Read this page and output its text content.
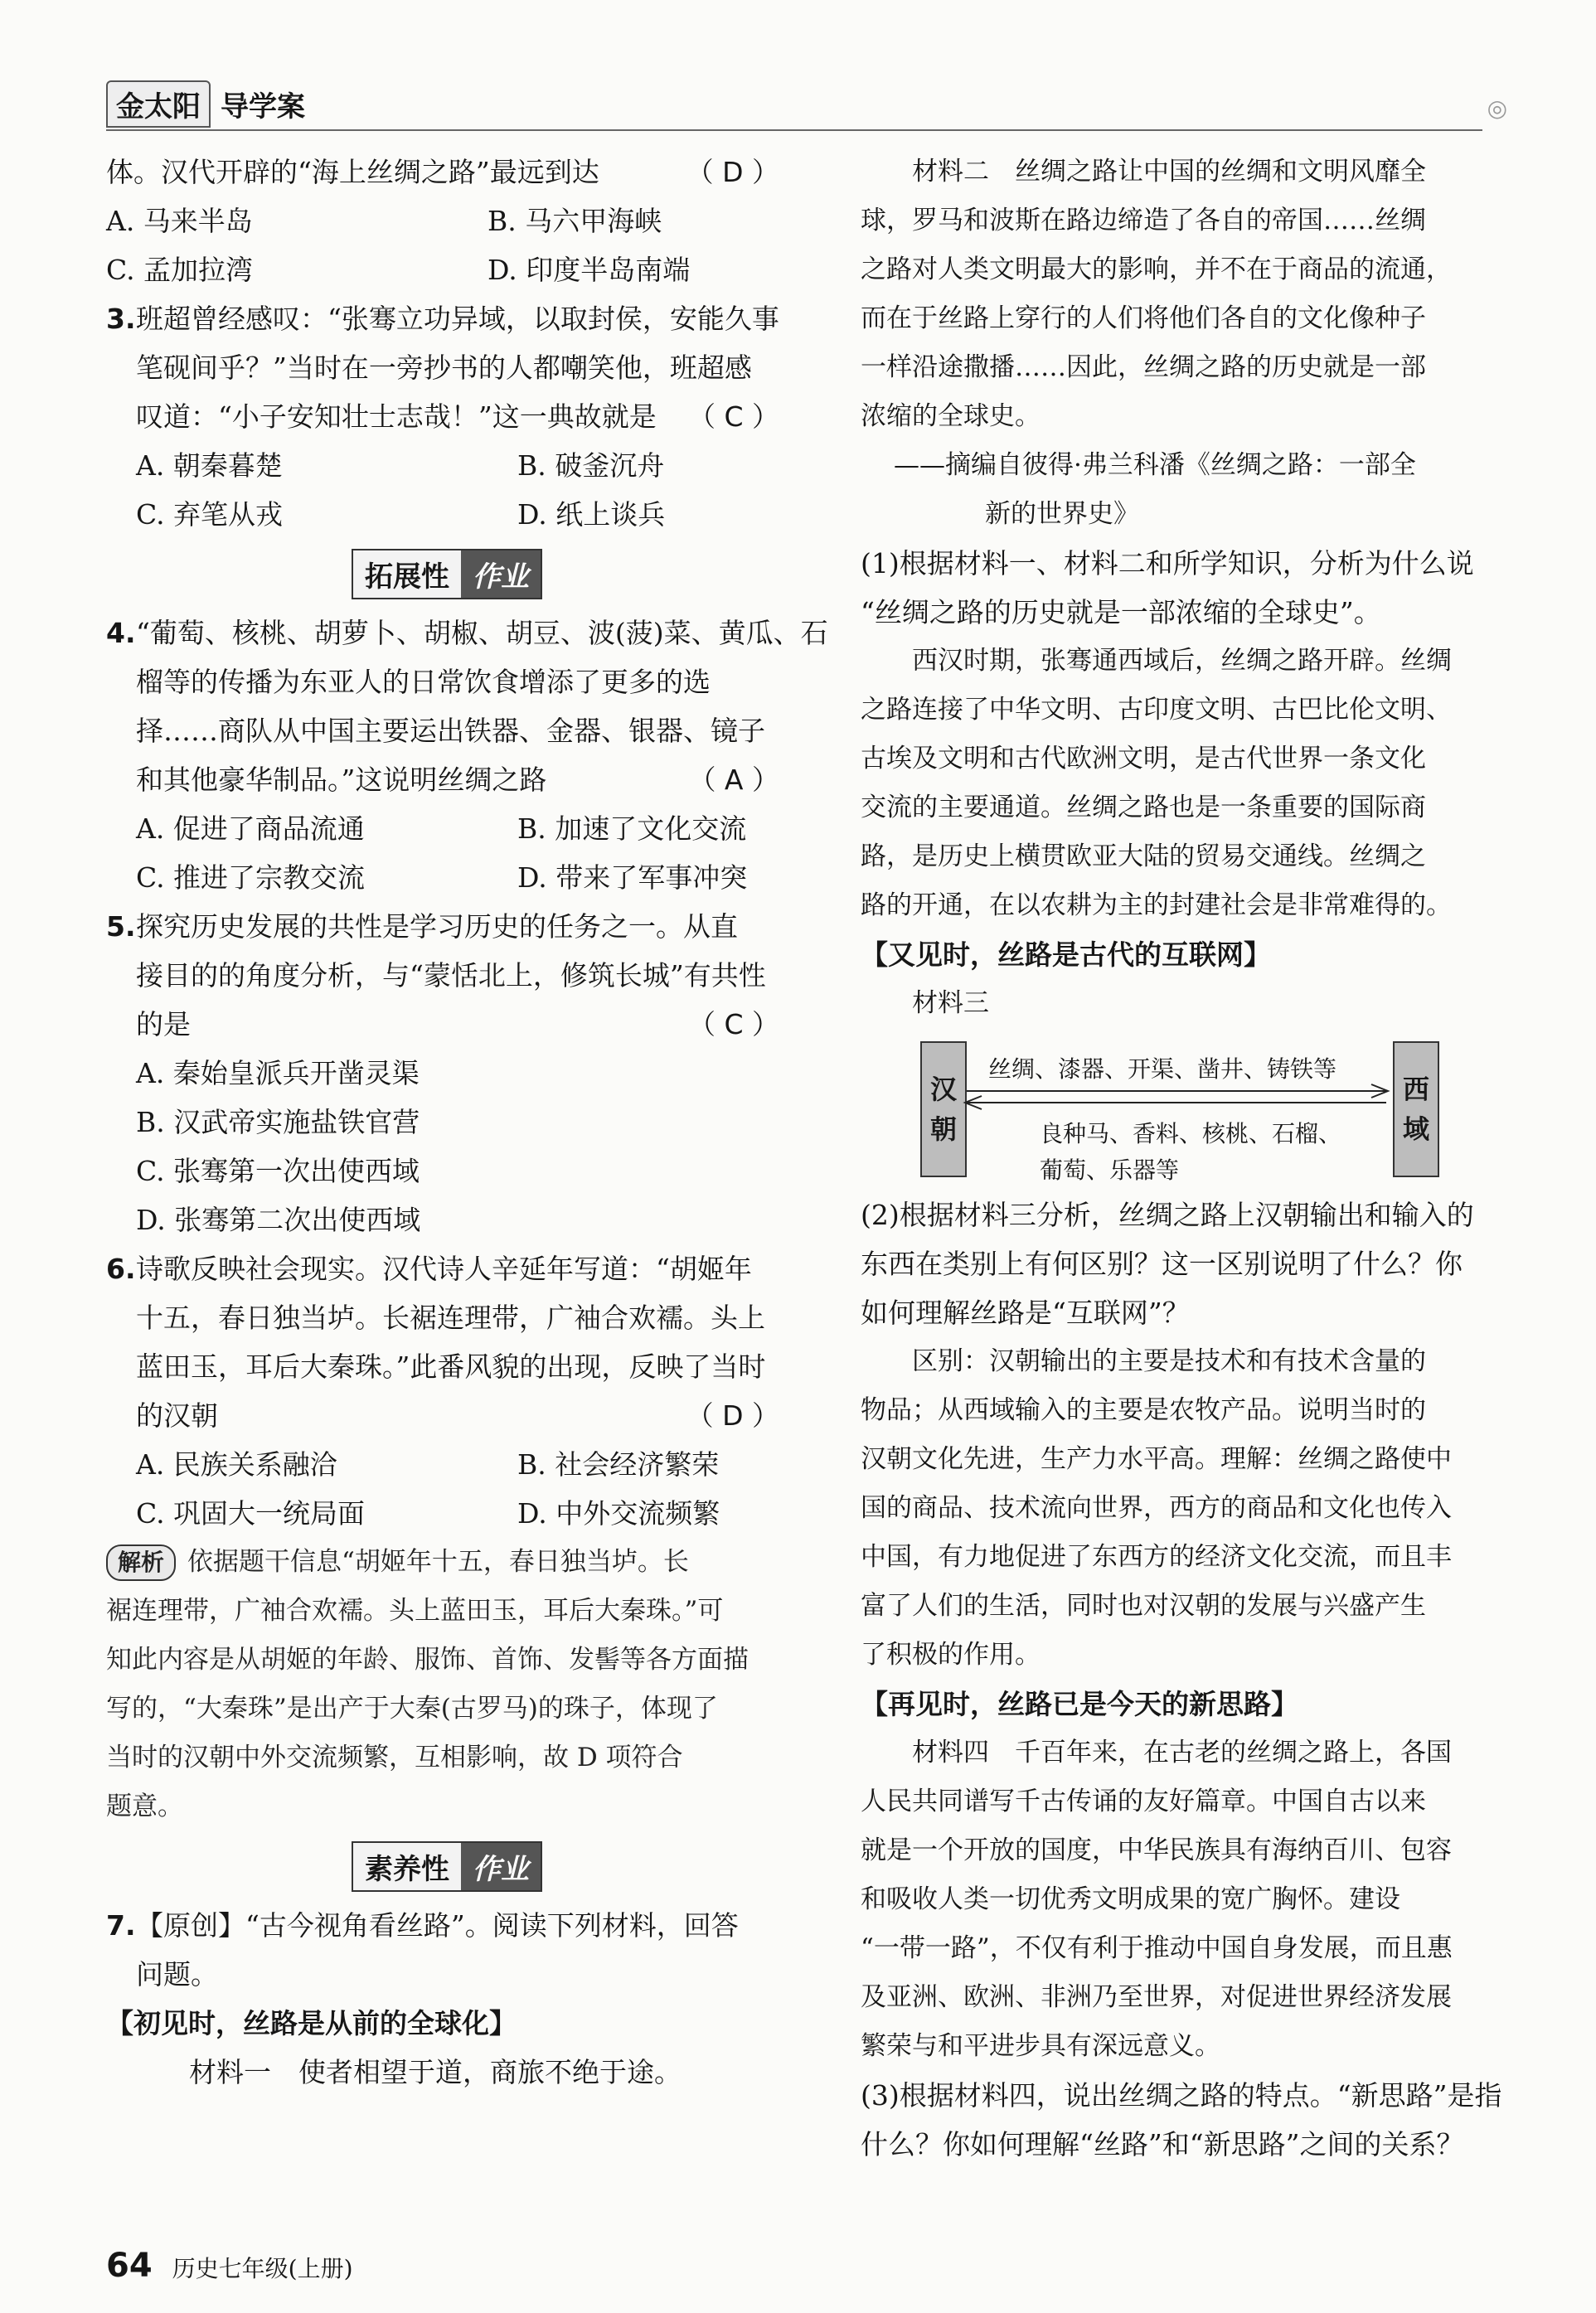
金太阳 导学案	◎
体。汉代开辟的“海上丝绸之路”最远到达	（ D ）
A. 马来半岛	B. 马六甲海峡
C. 孟加拉湾	D. 印度半岛南端
3. 班超曾经感叹：“张骞立功异域，以取封侯，安能久事
笔砚间乎？”当时在一旁抄书的人都嘲笑他，班超感
叹道：“小子安知壮士志哉！”这一典故就是 （ C ）
A. 朝秦暮楚	B. 破釜沉舟
C. 弃笔从戎	D. 纸上谈兵
拓展性 作业
4. “葡萄、核桃、胡萝卜、胡椒、胡豆、波(菠)菜、黄瓜、石
榴等的传播为东亚人的日常饮食增添了更多的选
择……商队从中国主要运出铁器、金器、银器、镜子
和其他豪华制品。”这说明丝绸之路	（ A ）
A. 促进了商品流通	B. 加速了文化交流
C. 推进了宗教交流	D. 带来了军事冲突
5. 探究历史发展的共性是学习历史的任务之一。从直
接目的的角度分析，与“蒙恬北上，修筑长城”有共性
的是	（ C ）
A. 秦始皇派兵开凿灵渠
B. 汉武帝实施盐铁官营
C. 张骞第一次出使西域
D. 张骞第二次出使西域
6. 诗歌反映社会现实。汉代诗人辛延年写道：“胡姬年
十五，春日独当垆。长裾连理带，广袖合欢襦。头上
蓝田玉，耳后大秦珠。”此番风貌的出现，反映了当时
的汉朝	（ D ）
A. 民族关系融洽	B. 社会经济繁荣
C. 巩固大一统局面	D. 中外交流频繁
解析 依据题干信息“胡姬年十五，春日独当垆。长
裾连理带，广袖合欢襦。头上蓝田玉，耳后大秦珠。”可
知此内容是从胡姬的年龄、服饰、首饰、发髻等各方面描
写的，“大秦珠”是出产于大秦(古罗马)的珠子，体现了
当时的汉朝中外交流频繁，互相影响，故 D 项符合
题意。
素养性 作业
7. 【原创】“古今视角看丝路”。阅读下列材料，回答
问题。
【初见时，丝路是从前的全球化】
材料一　使者相望于道，商旅不绝于途。
材料二　丝绸之路让中国的丝绸和文明风靡全
球，罗马和波斯在路边缔造了各自的帝国……丝绸
之路对人类文明最大的影响，并不在于商品的流通，
而在于丝路上穿行的人们将他们各自的文化像种子
一样沿途撒播……因此，丝绸之路的历史就是一部
浓缩的全球史。
——摘编自彼得·弗兰科潘《丝绸之路：一部全
新的世界史》
(1)根据材料一、材料二和所学知识，分析为什么说
“丝绸之路的历史就是一部浓缩的全球史”。
西汉时期，张骞通西域后，丝绸之路开辟。丝绸
之路连接了中华文明、古印度文明、古巴比伦文明、
古埃及文明和古代欧洲文明，是古代世界一条文化
交流的主要通道。丝绸之路也是一条重要的国际商
路，是历史上横贯欧亚大陆的贸易交通线。丝绸之
路的开通，在以农耕为主的封建社会是非常难得的。
【又见时，丝路是古代的互联网】
材料三
汉
朝
西
域
丝绸、漆器、开渠、凿井、铸铁等
良种马、香料、核桃、石榴、
葡萄、乐器等
(2)根据材料三分析，丝绸之路上汉朝输出和输入的
东西在类别上有何区别？这一区别说明了什么？你
如何理解丝路是“互联网”？
区别：汉朝输出的主要是技术和有技术含量的
物品；从西域输入的主要是农牧产品。说明当时的
汉朝文化先进，生产力水平高。理解：丝绸之路使中
国的商品、技术流向世界，西方的商品和文化也传入
中国，有力地促进了东西方的经济文化交流，而且丰
富了人们的生活，同时也对汉朝的发展与兴盛产生
了积极的作用。
【再见时，丝路已是今天的新思路】
材料四　千百年来，在古老的丝绸之路上，各国
人民共同谱写千古传诵的友好篇章。中国自古以来
就是一个开放的国度，中华民族具有海纳百川、包容
和吸收人类一切优秀文明成果的宽广胸怀。建设
“一带一路”，不仅有利于推动中国自身发展，而且惠
及亚洲、欧洲、非洲乃至世界，对促进世界经济发展
繁荣与和平进步具有深远意义。
(3)根据材料四，说出丝绸之路的特点。“新思路”是指
什么？你如何理解“丝路”和“新思路”之间的关系？
64 历史七年级(上册)
